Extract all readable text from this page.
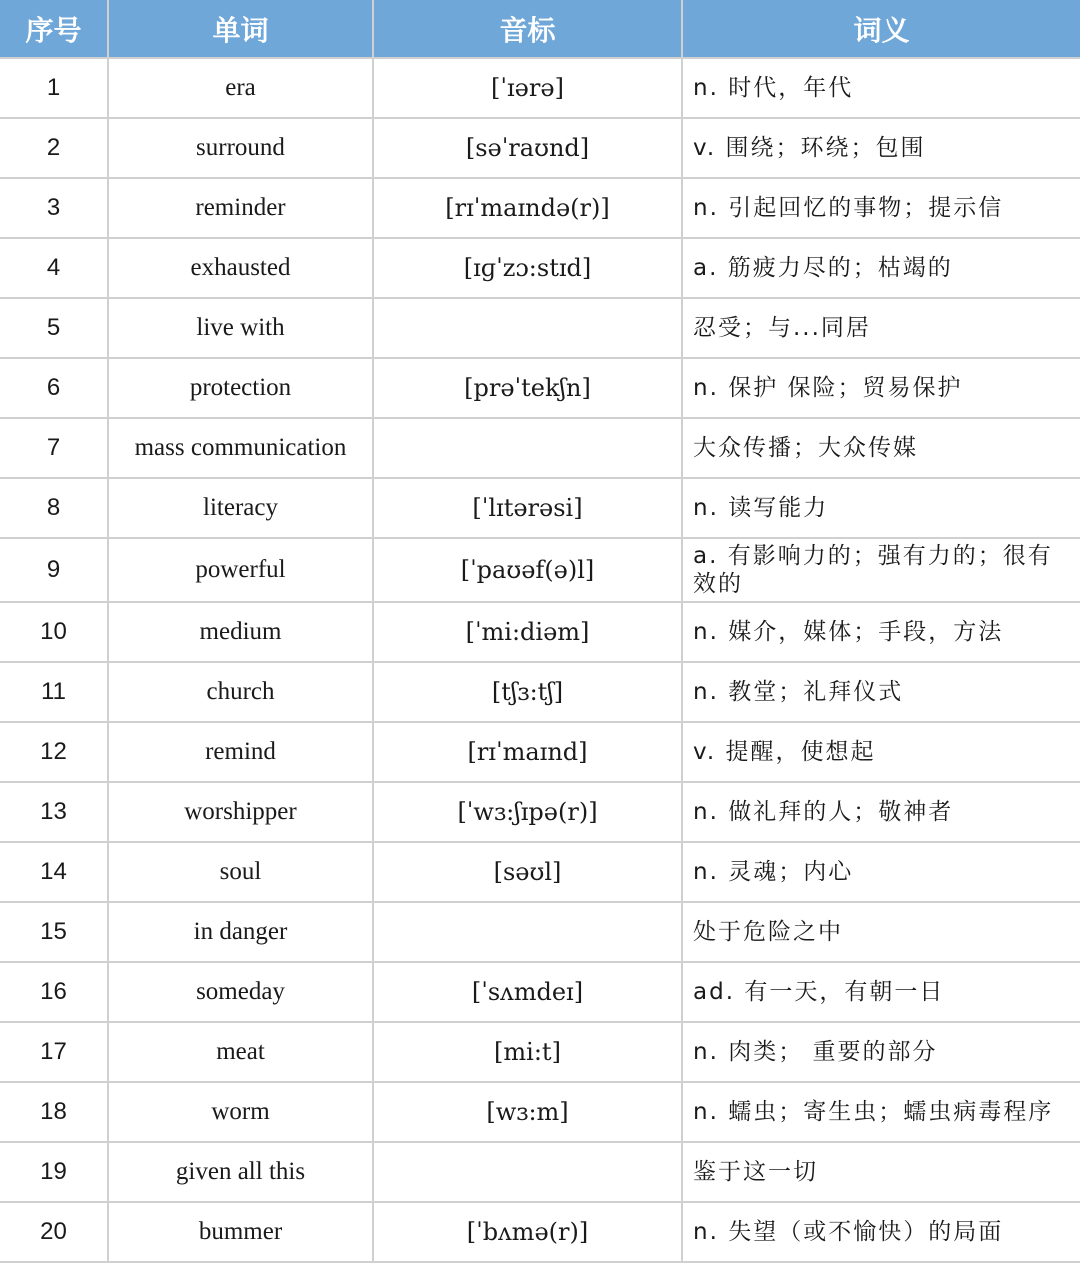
序号	单词	音标	词义
1	era	[ˈɪərə]	n. 时代，年代
2	surround	[səˈraʊnd]	v. 围绕；环绕；包围
3	reminder	[rɪˈmaɪndə(r)]	n. 引起回忆的事物；提示信
4	exhausted	[ɪɡˈzɔ:stɪd]	a. 筋疲力尽的；枯竭的
5	live with		忍受；与...同居
6	protection	[prəˈtekʃn]	n. 保护 保险；贸易保护
7	mass communication		大众传播；大众传媒
8	literacy	[ˈlɪtərəsi]	n. 读写能力
9	powerful	[ˈpaʊəf(ə)l]	a. 有影响力的；强有力的；很有效的
10	medium	[ˈmi:diəm]	n. 媒介，媒体；手段，方法
11	church	[tʃɜ:tʃ]	n. 教堂；礼拜仪式
12	remind	[rɪˈmaɪnd]	v. 提醒，使想起
13	worshipper	[ˈwɜ:ʃɪpə(r)]	n. 做礼拜的人；敬神者
14	soul	[səʊl]	n. 灵魂；内心
15	in danger		处于危险之中
16	someday	[ˈsʌmdeɪ]	ad. 有一天，有朝一日
17	meat	[mi:t]	n. 肉类； 重要的部分
18	worm	[wɜ:m]	n. 蠕虫；寄生虫；蠕虫病毒程序
19	given all this		鉴于这一切
20	bummer	[ˈbʌmə(r)]	n. 失望（或不愉快）的局面
